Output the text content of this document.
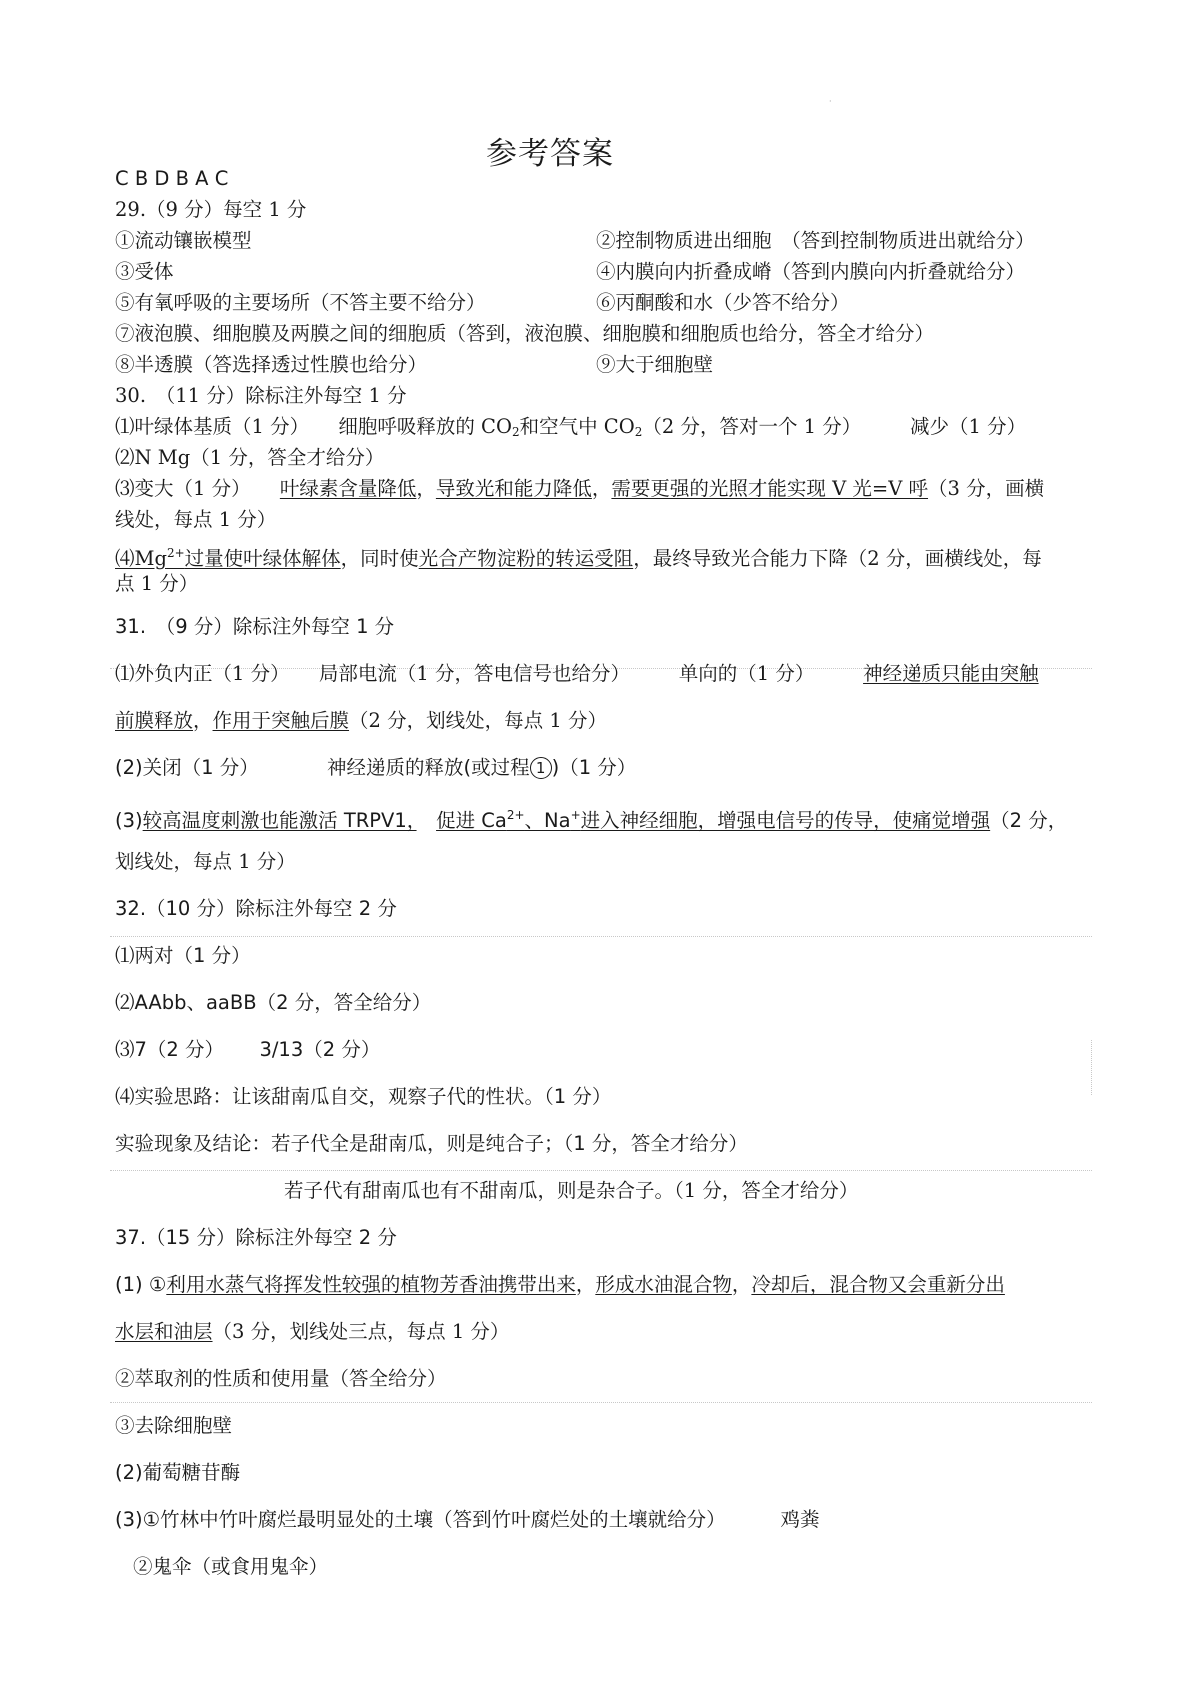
·
参考答案
C B D B A C
29.（9 分）每空 1 分
①流动镶嵌模型	②控制物质进出细胞　（答到控制物质进出就给分）
③受体	④内膜向内折叠成嵴（答到内膜向内折叠就给分）
⑤有氧呼吸的主要场所（不答主要不给分）	⑥丙酮酸和水（少答不给分）
⑦液泡膜、细胞膜及两膜之间的细胞质（答到，液泡膜、细胞膜和细胞质也给分，答全才给分）
⑧半透膜（答选择透过性膜也给分）	⑨大于细胞壁
30.　（11 分）除标注外每空 1 分
⑴叶绿体基质（1 分）　　细胞呼吸释放的 $CO_2$和空气中 $CO_2(2$ 分，答对一个 1 分）　　　减少（1 分）
⑵N Mg（1 分，答全才给分）
⑶变大（1 分）　　叶绿素含量降低，导致光和能力降低，需要更强的光照才能实现 V 光=V 呼（3 分，画横
线处，每点 1 分）
$⑷Mg^{2+}$过量使叶绿体解体，同时使光合产物淀粉的转运受阻，最终导致光合能力下降（2 分，画横线处，每
点 1 分）
31.　（9 分）除标注外每空 1 分
⑴外负内正（1 分）　　局部电流（1 分，答电信号也给分）　　　单向的（1 分）　　　神经递质只能由突触
前膜释放，作用于突触后膜（2 分，划线处，每点 1 分）
(2)关闭（1 分）　　　　神经递质的释放(或过程 1 )（1 分）
(3)较高温度刺激也能激活 TRPV1，　 促进 $Ca^{2+}$、Na+进入神经细胞，增强电信号的传导，使痛觉增强（2 分，
划线处，每点 1 分）
32.（10 分）除标注外每空 2 分
⑴两对（1 分）
⑵AAbb、aaBB（2 分，答全给分）
⑶7（2 分）　　 3/13（2 分）
⑷实验思路：让该甜南瓜自交，观察子代的性状。（1 分）
实验现象及结论：若子代全是甜南瓜，则是纯合子；（1 分，答全才给分）
若子代有甜南瓜也有不甜南瓜，则是杂合子。（1 分，答全才给分）
37.（15 分）除标注外每空 2 分
(1) ①利用水蒸气将挥发性较强的植物芳香油携带出来，形成水油混合物，冷却后，混合物又会重新分出
水层和油层（3 分，划线处三点，每点 1 分）
②萃取剂的性质和使用量（答全给分）
③去除细胞壁
(2)葡萄糖苷酶
(3)①竹林中竹叶腐烂最明显处的土壤（答到竹叶腐烂处的土壤就给分）　　　 鸡粪
②鬼伞（或食用鬼伞）
